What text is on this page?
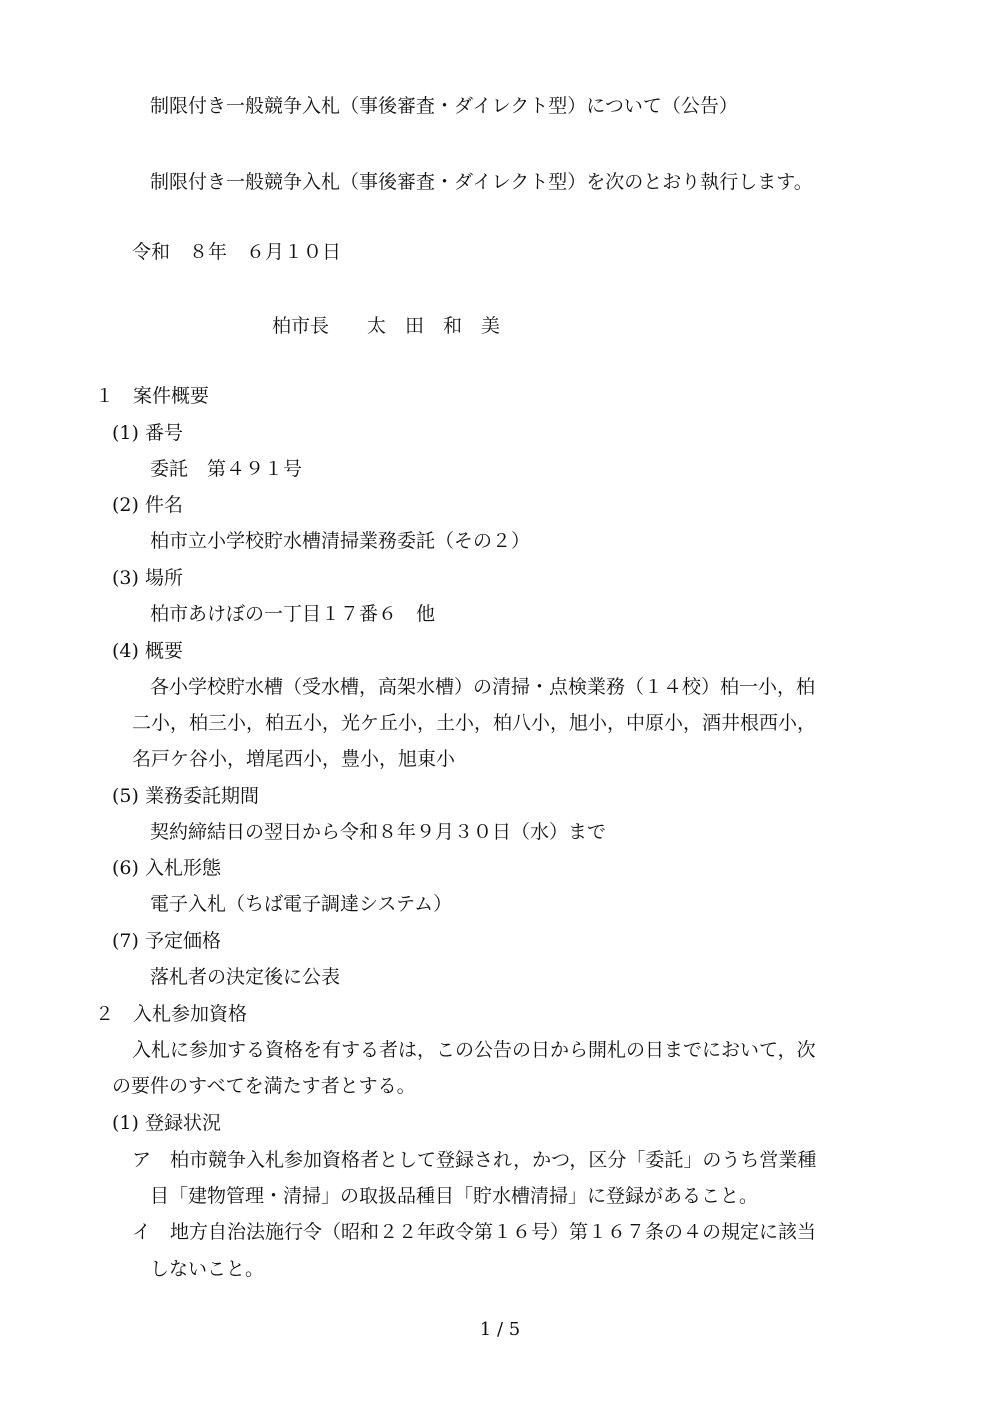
制限付き一般競争入札（事後審査・ダイレクト型）について（公告）
制限付き一般競争入札（事後審査・ダイレクト型）を次のとおり執行します。
令和　８年　６月１０日
柏市長　　太　田　和　美
１　案件概要
(1) 番号
委託　第４９１号
(2) 件名
柏市立小学校貯水槽清掃業務委託（その２）
(3) 場所
柏市あけぼの一丁目１７番６　他
(4) 概要
各小学校貯水槽（受水槽，高架水槽）の清掃・点検業務（１４校）柏一小，柏
二小，柏三小，柏五小，光ケ丘小，土小，柏八小，旭小，中原小，酒井根西小，
名戸ケ谷小，増尾西小，豊小，旭東小
(5) 業務委託期間
契約締結日の翌日から令和８年９月３０日（水）まで
(6) 入札形態
電子入札（ちば電子調達システム）
(7) 予定価格
落札者の決定後に公表
２　入札参加資格
入札に参加する資格を有する者は，この公告の日から開札の日までにおいて，次
の要件のすべてを満たす者とする。
(1) 登録状況
ア　柏市競争入札参加資格者として登録され，かつ，区分「委託」のうち営業種
目「建物管理・清掃」の取扱品種目「貯水槽清掃」に登録があること。
イ　地方自治法施行令（昭和２２年政令第１６号）第１６７条の４の規定に該当
しないこと。
1 / 5
